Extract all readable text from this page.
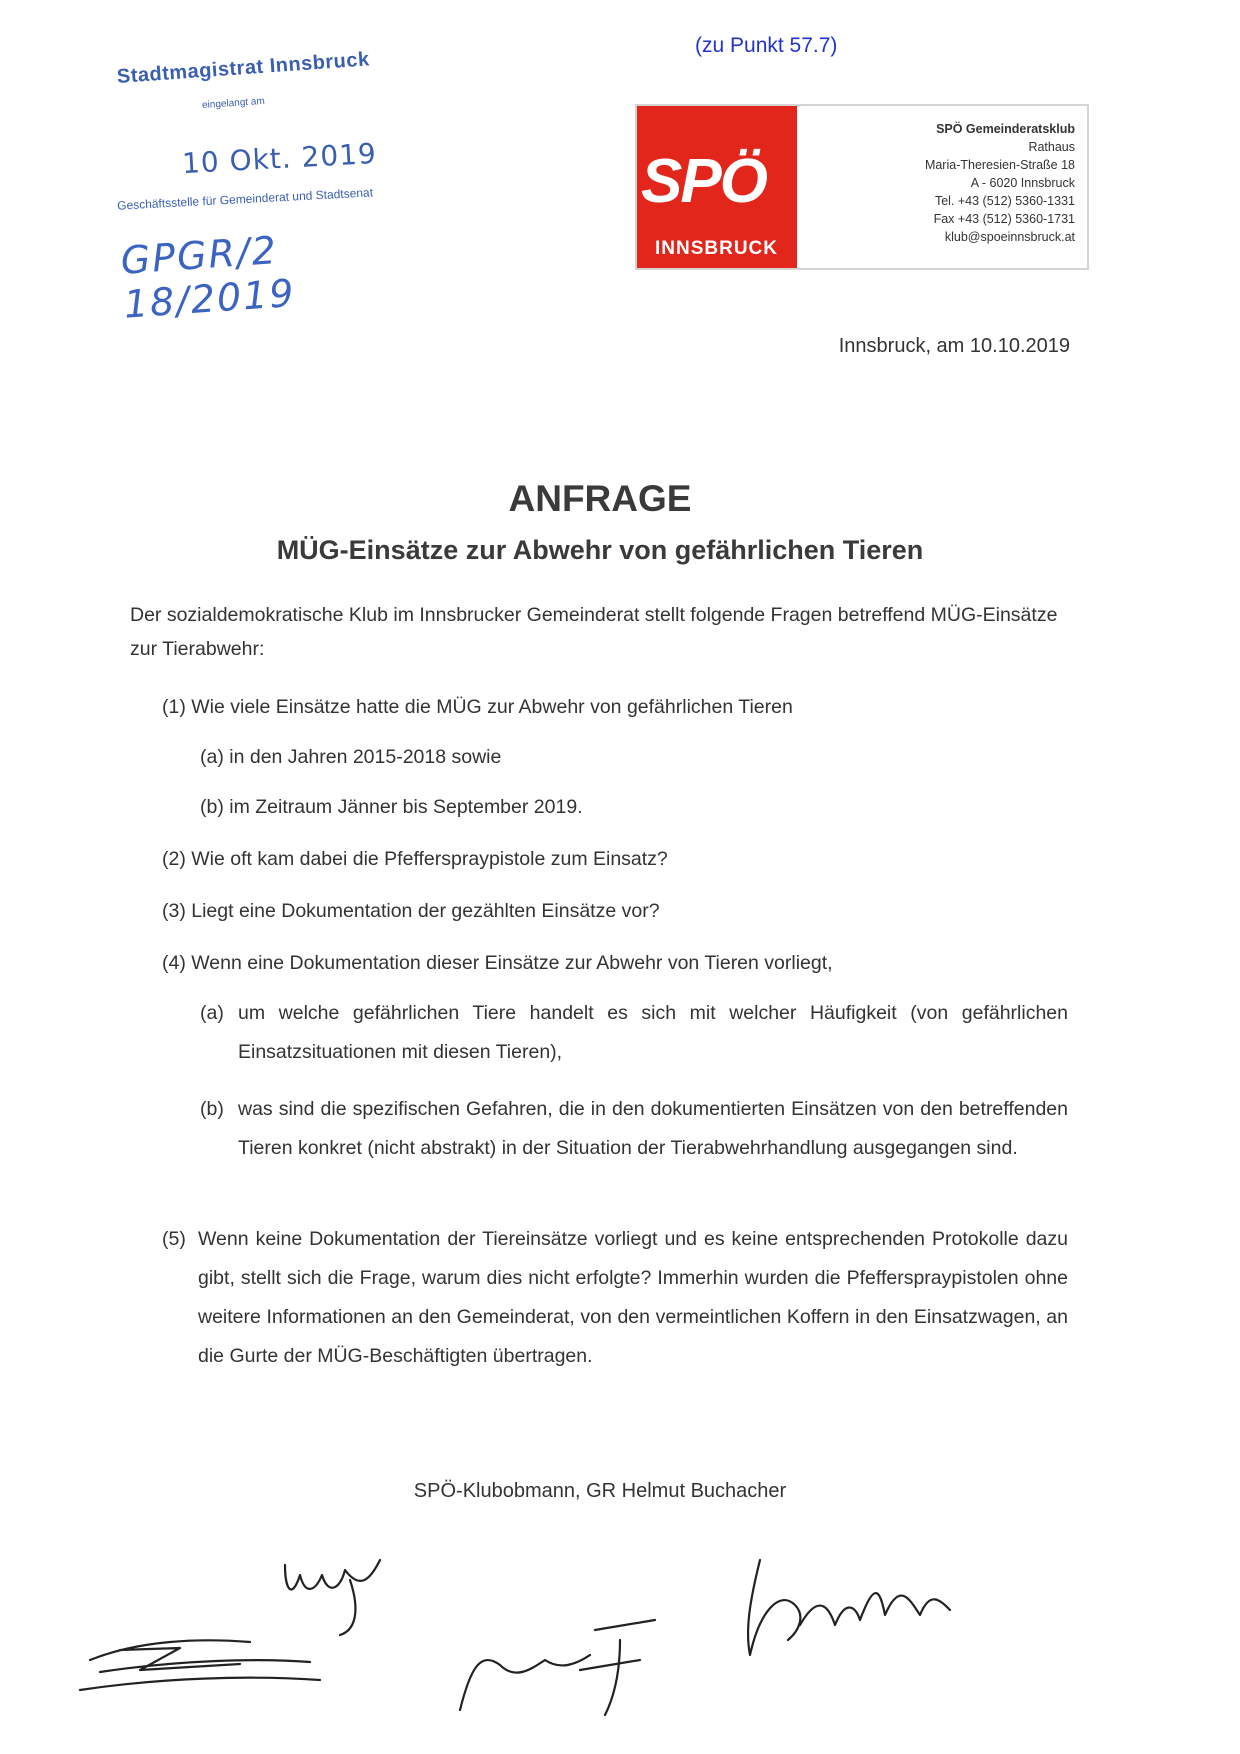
(zu Punkt 57.7)
Stadtmagistrat Innsbruck
eingelangt am
10 Okt. 2019
Geschäftsstelle für Gemeinderat und Stadtsenat
GPGR/2 18/2019
SPÖ
INNSBRUCK
SPÖ Gemeinderatsklub
Rathaus
Maria-Theresien-Straße 18
A - 6020 Innsbruck
Tel. +43 (512) 5360-1331
Fax +43 (512) 5360-1731
klub@spoeinnsbruck.at
Innsbruck, am 10.10.2019
ANFRAGE
MÜG-Einsätze zur Abwehr von gefährlichen Tieren
Der sozialdemokratische Klub im Innsbrucker Gemeinderat stellt folgende Fragen betreffend MÜG-Einsätze zur Tierabwehr:
(1) Wie viele Einsätze hatte die MÜG zur Abwehr von gefährlichen Tieren
(a) in den Jahren 2015-2018 sowie
(b) im Zeitraum Jänner bis September 2019.
(2) Wie oft kam dabei die Pfefferspraypistole zum Einsatz?
(3) Liegt eine Dokumentation der gezählten Einsätze vor?
(4) Wenn eine Dokumentation dieser Einsätze zur Abwehr von Tieren vorliegt,
(a) um welche gefährlichen Tiere handelt es sich mit welcher Häufigkeit (von gefährlichen Einsatzsituationen mit diesen Tieren),
(b) was sind die spezifischen Gefahren, die in den dokumentierten Einsätzen von den betreffenden Tieren konkret (nicht abstrakt) in der Situation der Tierabwehrhandlung ausgegangen sind.
(5) Wenn keine Dokumentation der Tiereinsätze vorliegt und es keine entsprechenden Protokolle dazu gibt, stellt sich die Frage, warum dies nicht erfolgte? Immerhin wurden die Pfefferspraypistolen ohne weitere Informationen an den Gemeinderat, von den vermeintlichen Koffern in den Einsatzwagen, an die Gurte der MÜG-Beschäftigten übertragen.
SPÖ-Klubobmann, GR Helmut Buchacher
